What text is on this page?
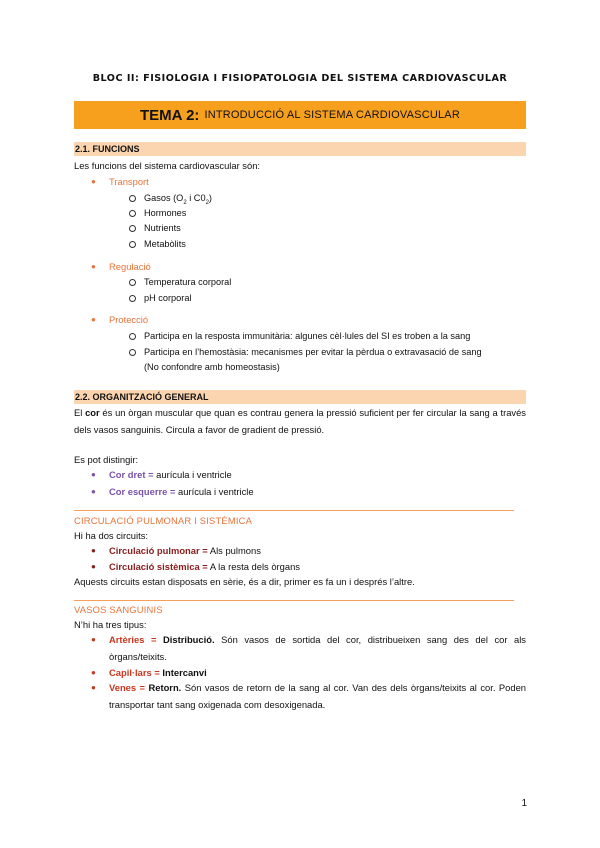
BLOC II: FISIOLOGIA I FISIOPATOLOGIA DEL SISTEMA CARDIOVASCULAR
TEMA 2: INTRODUCCIÓ AL SISTEMA CARDIOVASCULAR
2.1. FUNCIONS
Les funcions del sistema cardiovascular són:
● Transport
Gasos ($O_2$ i $C0_2$)
Hormones
Nutrients
Metabòlits
● Regulació
Temperatura corporal
pH corporal
● Protecció
Participa en la resposta immunitària: algunes cèl·lules del SI es troben a la sang
Participa en l’hemostàsia: mecanismes per evitar la pèrdua o extravasació de sang
(No confondre amb homeostasis)
2.2. ORGANITZACIÓ GENERAL
El cor és un òrgan muscular que quan es contrau genera la pressió suficient per fer circular la sang a través dels vasos sanguinis. Circula a favor de gradient de pressió.
Es pot distingir:
● Cor dret = aurícula i ventricle
● Cor esquerre = aurícula i ventricle
CIRCULACIÓ PULMONAR I SISTÈMICA
Hi ha dos circuits:
● Circulació pulmonar = Als pulmons
● Circulació sistèmica = A la resta dels òrgans
Aquests circuits estan disposats en sèrie, és a dir, primer es fa un i després l’altre.
VASOS SANGUINIS
N’hi ha tres tipus:
● Artèries = Distribució. Són vasos de sortida del cor, distribueixen sang des del cor als òrgans/teixits.
● Capil·lars = Intercanvi
● Venes = Retorn. Són vasos de retorn de la sang al cor. Van des dels òrgans/teixits al cor. Poden transportar tant sang oxigenada com desoxigenada.
1
